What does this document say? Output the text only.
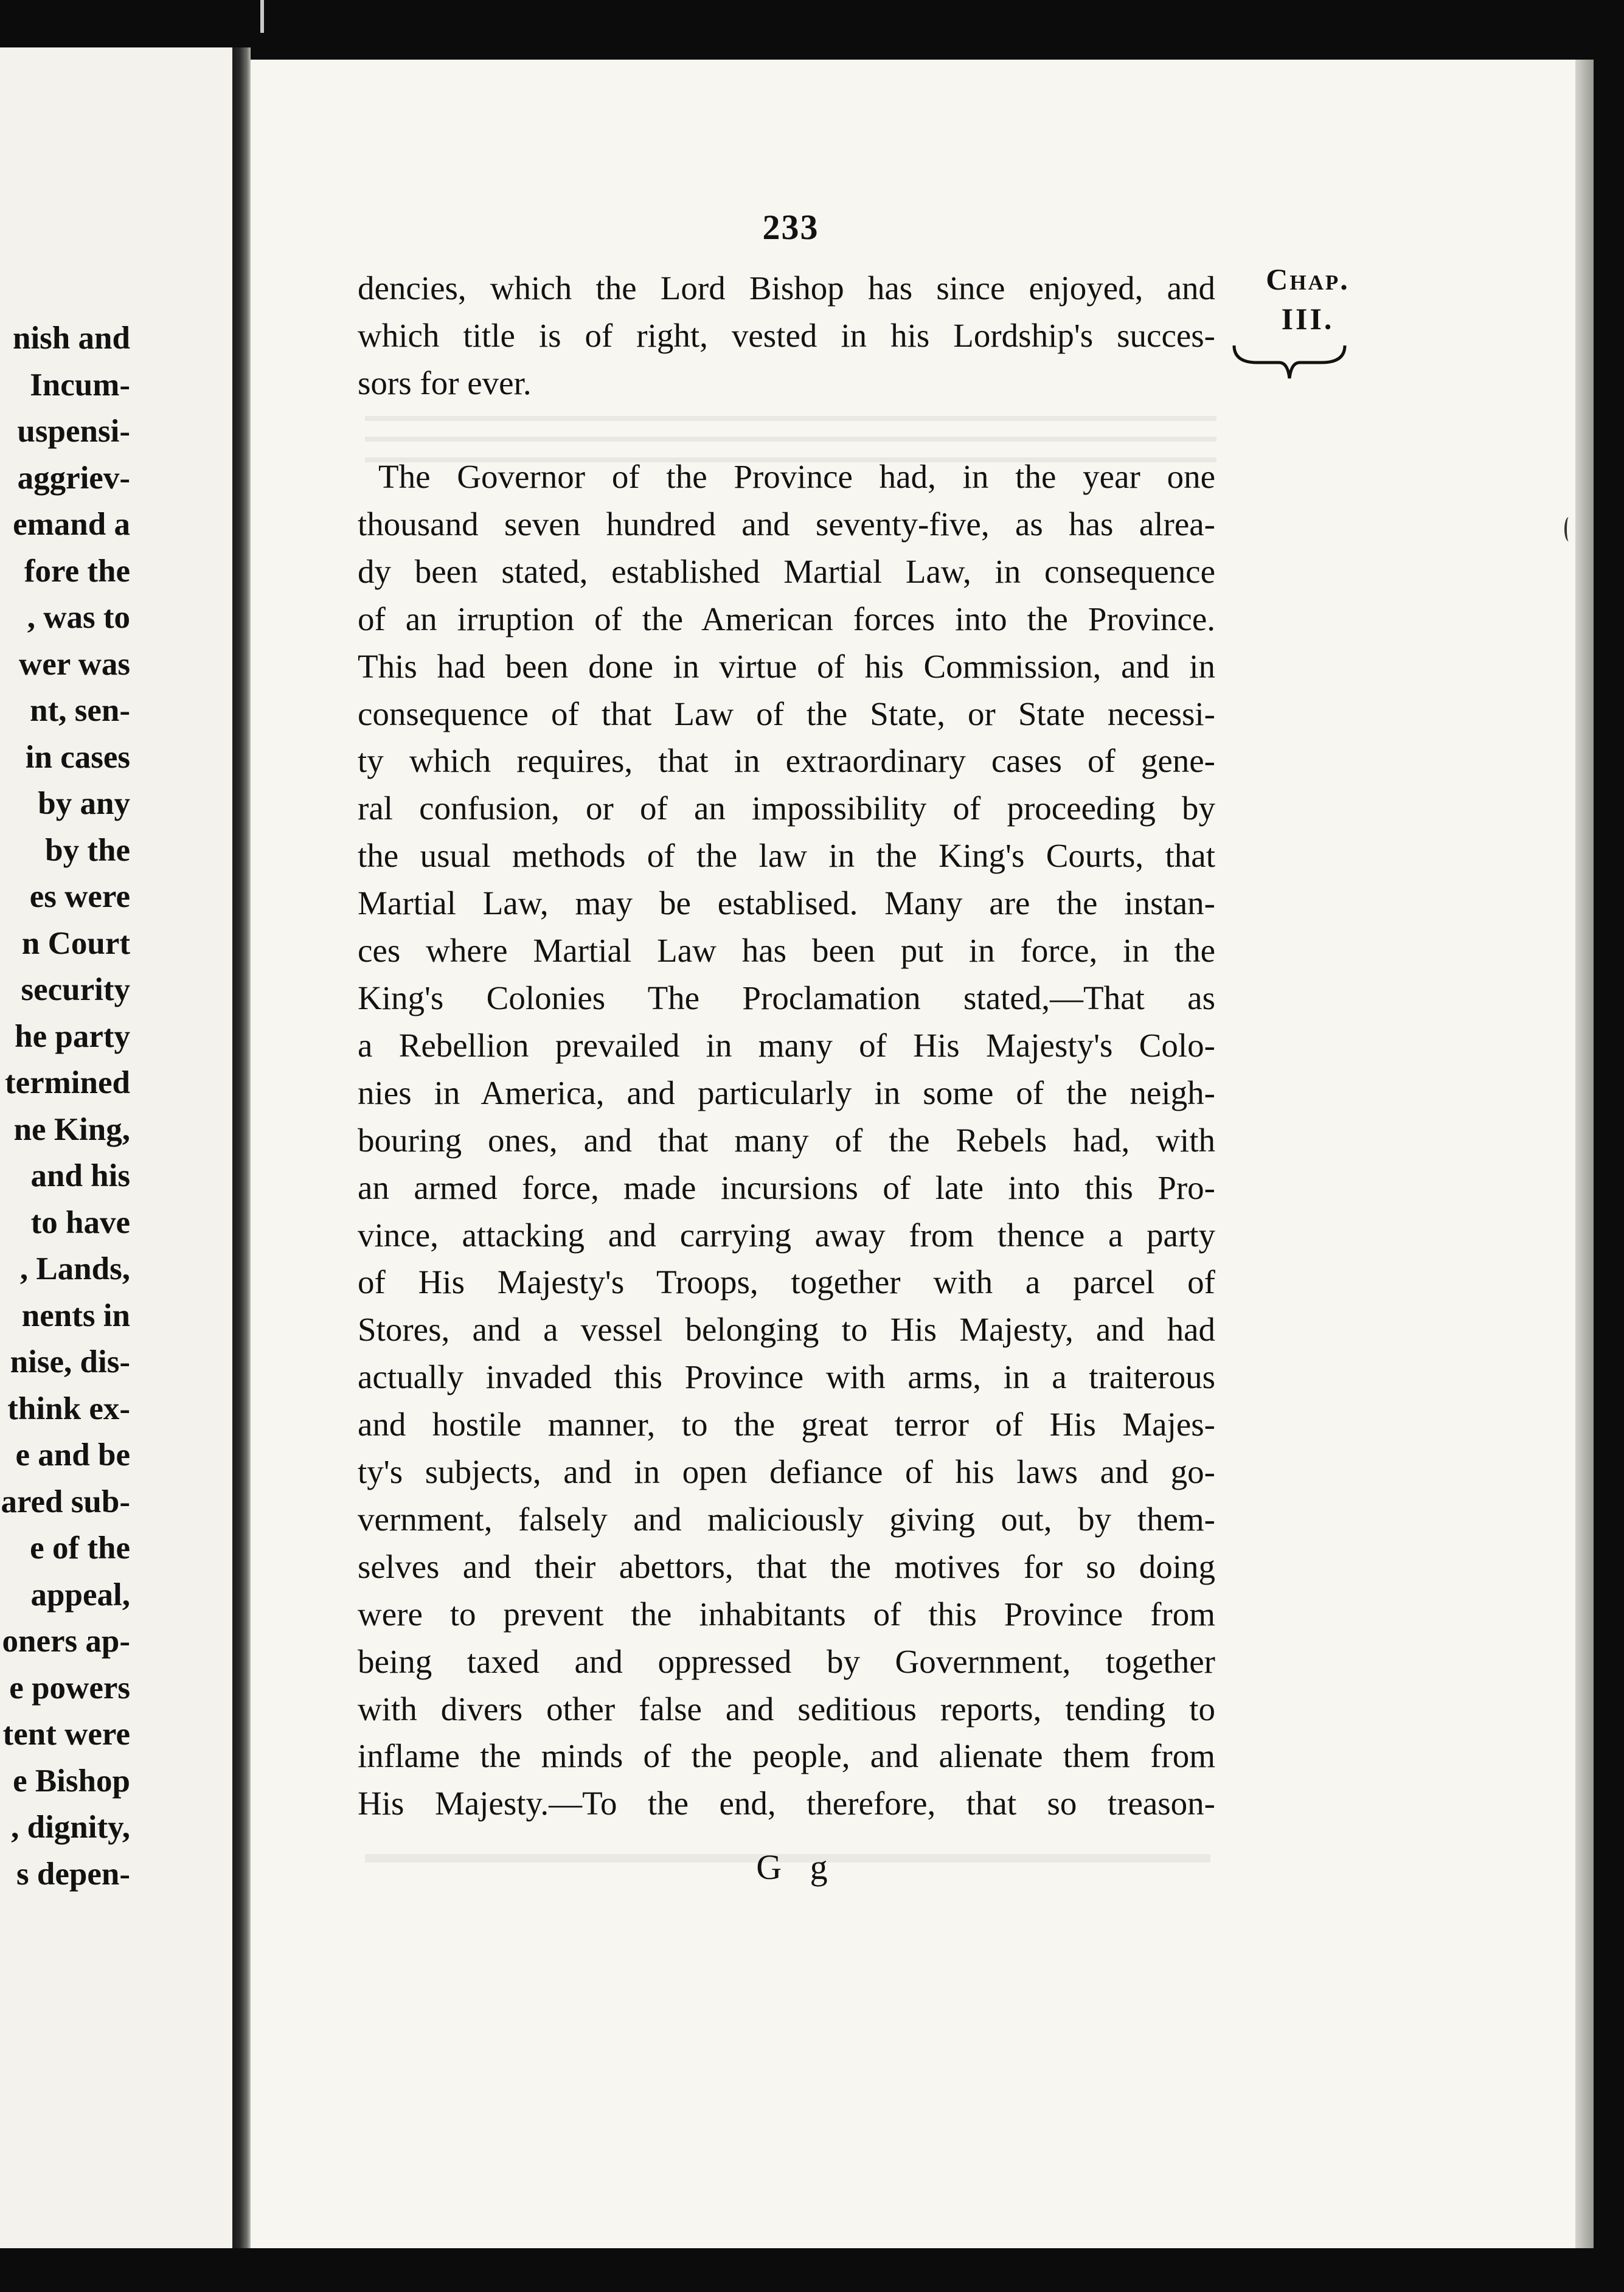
nish and
Incum-
uspensi-
aggriev-
emand a
fore the
, was to
wer was
nt, sen-
in cases
by any
by the
es were
n Court
security
he party
termined
ne King,
and his
to have
, Lands,
nents in
nise, dis-
think ex-
e and be
ared sub-
e of the
appeal,
oners ap-
e powers
tent were
e Bishop
, dignity,
s depen-
233
Chap.
III.
dencies, which the Lord Bishop has since enjoyed, and
which title is of right, vested in his Lordship's succes-
sors for ever.
The Governor of the Province had, in the year one
thousand seven hundred and seventy-five, as has alrea-
dy been stated, established Martial Law, in consequence
of an irruption of the American forces into the Province.
This had been done in virtue of his Commission, and in
consequence of that Law of the State, or State necessi-
ty which requires, that in extraordinary cases of gene-
ral confusion, or of an impossibility of proceeding by
the usual methods of the law in the King's Courts, that
Martial Law, may be establised. Many are the instan-
ces where Martial Law has been put in force, in the
King's Colonies The Proclamation stated,—That as
a Rebellion prevailed in many of His Majesty's Colo-
nies in America, and particularly in some of the neigh-
bouring ones, and that many of the Rebels had, with
an armed force, made incursions of late into this Pro-
vince, attacking and carrying away from thence a party
of His Majesty's Troops, together with a parcel of
Stores, and a vessel belonging to His Majesty, and had
actually invaded this Province with arms, in a traiterous
and hostile manner, to the great terror of His Majes-
ty's subjects, and in open defiance of his laws and go-
vernment, falsely and maliciously giving out, by them-
selves and their abettors, that the motives for so doing
were to prevent the inhabitants of this Province from
being taxed and oppressed by Government, together
with divers other false and seditious reports, tending to
inflame the minds of the people, and alienate them from
His Majesty.—To the end, therefore, that so treason-
G g
